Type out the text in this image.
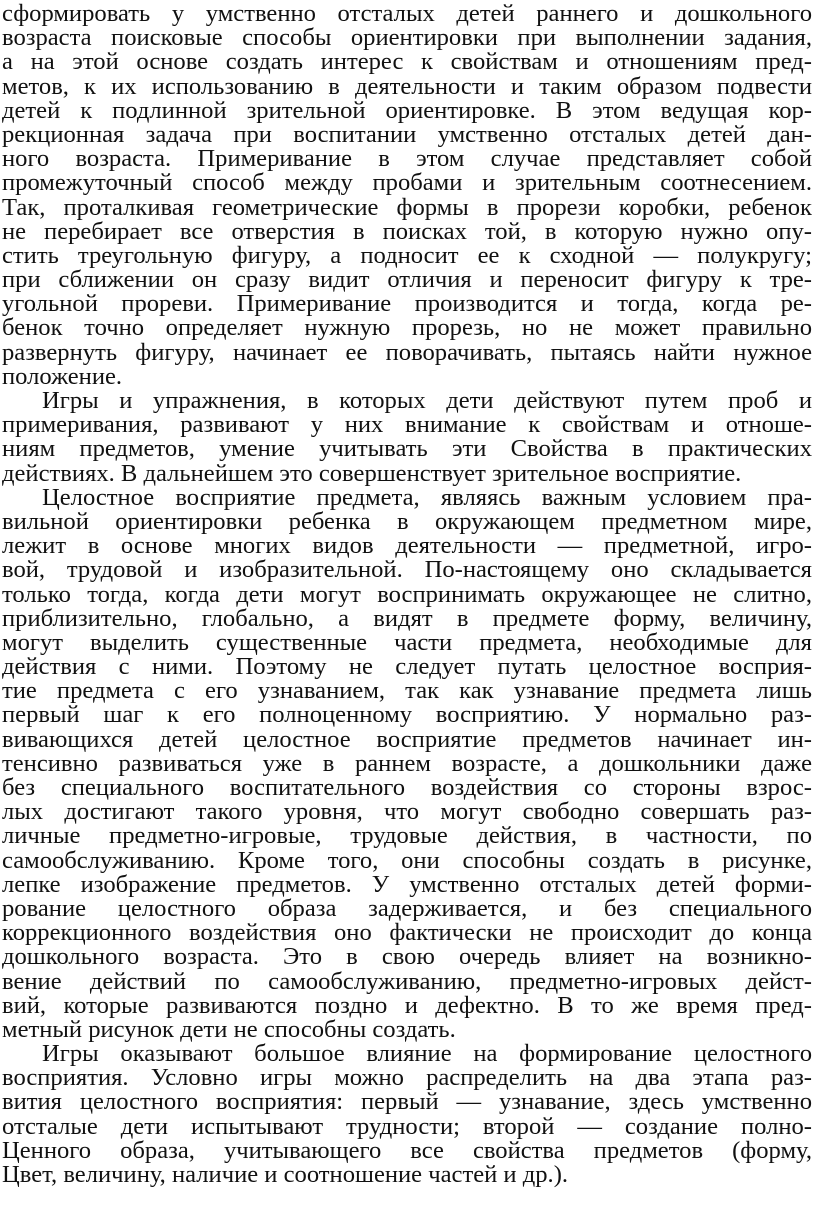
сформировать у умственно отсталых детей раннего и дошкольного
возраста поисковые способы ориентировки при выполнении задания,
а на этой основе создать интерес к свойствам и отношениям пред-
метов, к их использованию в деятельности и таким образом подвести
детей к подлинной зрительной ориентировке. В этом ведущая кор-
рекционная задача при воспитании умственно отсталых детей дан-
ного возраста. Примеривание в этом случае представляет собой
промежуточный способ между пробами и зрительным соотнесением.
Так, проталкивая геометрические формы в прорези коробки, ребенок
не перебирает все отверстия в поисках той, в которую нужно опу-
стить треугольную фигуру, а подносит ее к сходной — полукругу;
при сближении он сразу видит отличия и переносит фигуру к тре-
угольной прореви. Примеривание производится и тогда, когда ре-
бенок точно определяет нужную прорезь, но не может правильно
развернуть фигуру, начинает ее поворачивать, пытаясь найти нужное
положение.
Игры и упражнения, в которых дети действуют путем проб и
примеривания, развивают у них внимание к свойствам и отноше-
ниям предметов, умение учитывать эти Свойства в практических
действиях. В дальнейшем это совершенствует зрительное восприятие.
Целостное восприятие предмета, являясь важным условием пра-
вильной ориентировки ребенка в окружающем предметном мире,
лежит в основе многих видов деятельности — предметной, игро-
вой, трудовой и изобразительной. По-настоящему оно складывается
только тогда, когда дети могут воспринимать окружающее не слитно,
приблизительно, глобально, а видят в предмете форму, величину,
могут выделить существенные части предмета, необходимые для
действия с ними. Поэтому не следует путать целостное восприя-
тие предмета с его узнаванием, так как узнавание предмета лишь
первый шаг к его полноценному восприятию. У нормально раз-
вивающихся детей целостное восприятие предметов начинает ин-
тенсивно развиваться уже в раннем возрасте, а дошкольники даже
без специального воспитательного воздействия со стороны взрос-
лых достигают такого уровня, что могут свободно совершать раз-
личные предметно-игровые, трудовые действия, в частности, по
самообслуживанию. Кроме того, они способны создать в рисунке,
лепке изображение предметов. У умственно отсталых детей форми-
рование целостного образа задерживается, и без специального
коррекционного воздействия оно фактически не происходит до конца
дошкольного возраста. Это в свою очередь влияет на возникно-
вение действий по самообслуживанию, предметно-игровых дейст-
вий, которые развиваются поздно и дефектно. В то же время пред-
метный рисунок дети не способны создать.
Игры оказывают большое влияние на формирование целостного
восприятия. Условно игры можно распределить на два этапа раз-
вития целостного восприятия: первый — узнавание, здесь умственно
отсталые дети испытывают трудности; второй — создание полно-
Ценного образа, учитывающего все свойства предметов (форму,
Цвет, величину, наличие и соотношение частей и др.).
